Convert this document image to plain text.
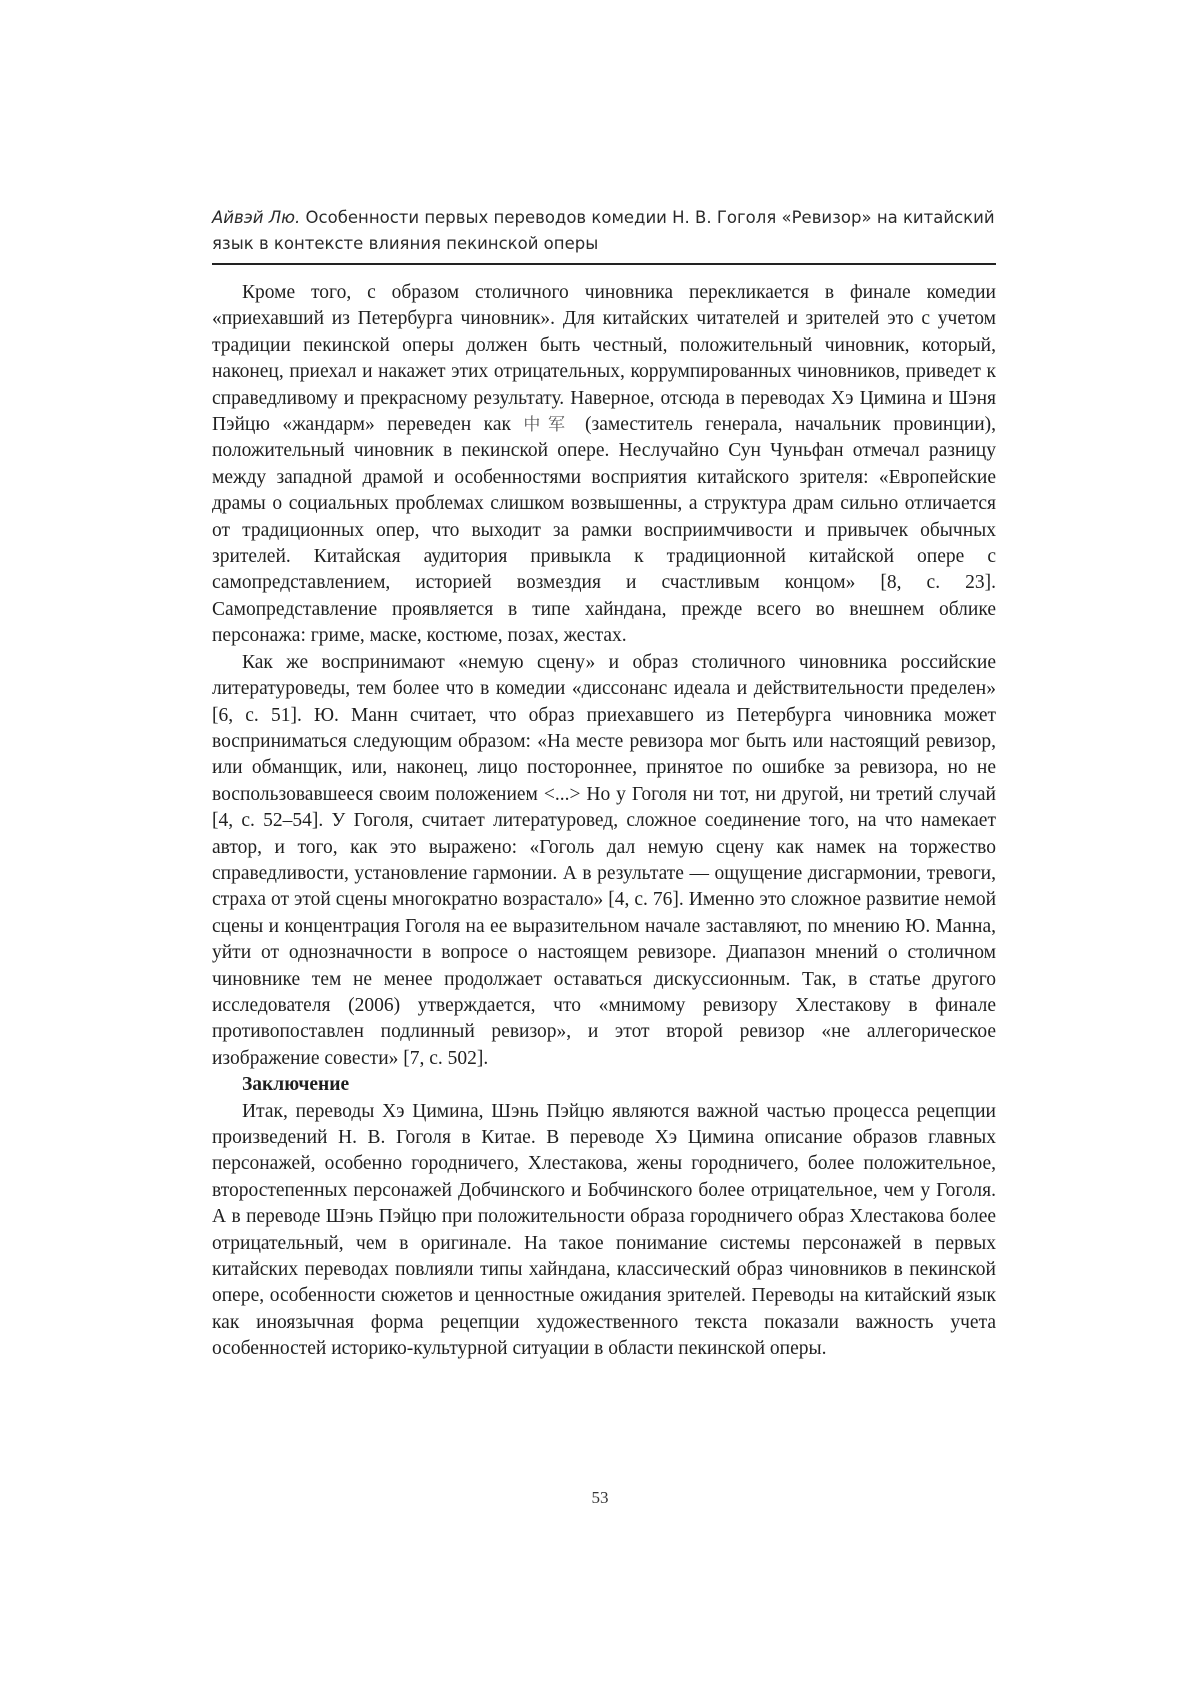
Айвэй Лю. Особенности первых переводов комедии Н. В. Гоголя «Ревизор» на китайский
язык в контексте влияния пекинской оперы

Кроме того, с образом столичного чиновника перекликается в финале комедии «приехавший из Петербурга чиновник». Для китайских читателей и зрителей это с учетом традиции пекинской оперы должен быть честный, положительный чиновник, который, наконец, приехал и накажет этих отрицательных, коррумпированных чиновников, приведет к справедливому и прекрасному результату. Наверное, отсюда в переводах Хэ Цимина и Шэня Пэйцю «жандарм» переведен как 中军 (заместитель генерала, начальник провинции), положительный чиновник в пекинской опере. Неслучайно Сун Чуньфан отмечал разницу между западной драмой и особенностями восприятия китайского зрителя: «Европейские драмы о социальных проблемах слишком возвышенны, а структура драм сильно отличается от традиционных опер, что выходит за рамки восприимчивости и привычек обычных зрителей. Китайская аудитория привыкла к традиционной китайской опере с самопредставлением, историей возмездия и счастливым концом» [8, с. 23]. Самопредставление проявляется в типе хайндана, прежде всего во внешнем облике персонажа: гриме, маске, костюме, позах, жестах.

Как же воспринимают «немую сцену» и образ столичного чиновника российские литературоведы, тем более что в комедии «диссонанс идеала и действительности пределен» [6, с. 51]. Ю. Манн считает, что образ приехавшего из Петербурга чиновника может восприниматься следующим образом: «На месте ревизора мог быть или настоящий ревизор, или обманщик, или, наконец, лицо постороннее, принятое по ошибке за ревизора, но не воспользовавшееся своим положением <...> Но у Гоголя ни тот, ни другой, ни третий случай [4, с. 52–54]. У Гоголя, считает литературовед, сложное соединение того, на что намекает автор, и того, как это выражено: «Гоголь дал немую сцену как намек на торжество справедливости, установление гармонии. А в результате — ощущение дисгармонии, тревоги, страха от этой сцены многократно возрастало» [4, с. 76]. Именно это сложное развитие немой сцены и концентрация Гоголя на ее выразительном начале заставляют, по мнению Ю. Манна, уйти от однозначности в вопросе о настоящем ревизоре. Диапазон мнений о столичном чиновнике тем не менее продолжает оставаться дискуссионным. Так, в статье другого исследователя (2006) утверждается, что «мнимому ревизору Хлестакову в финале противопоставлен подлинный ревизор», и этот второй ревизор «не аллегорическое изображение совести» [7, с. 502].

Заключение

Итак, переводы Хэ Цимина, Шэнь Пэйцю являются важной частью процесса рецепции произведений Н. В. Гоголя в Китае. В переводе Хэ Цимина описание образов главных персонажей, особенно городничего, Хлестакова, жены городничего, более положительное, второстепенных персонажей Добчинского и Бобчинского более отрицательное, чем у Гоголя. А в переводе Шэнь Пэйцю при положительности образа городничего образ Хлестакова более отрицательный, чем в оригинале. На такое понимание системы персонажей в первых китайских переводах повлияли типы хайндана, классический образ чиновников в пекинской опере, особенности сюжетов и ценностные ожидания зрителей. Переводы на китайский язык как иноязычная форма рецепции художественного текста показали важность учета особенностей историко-культурной ситуации в области пекинской оперы.

53
